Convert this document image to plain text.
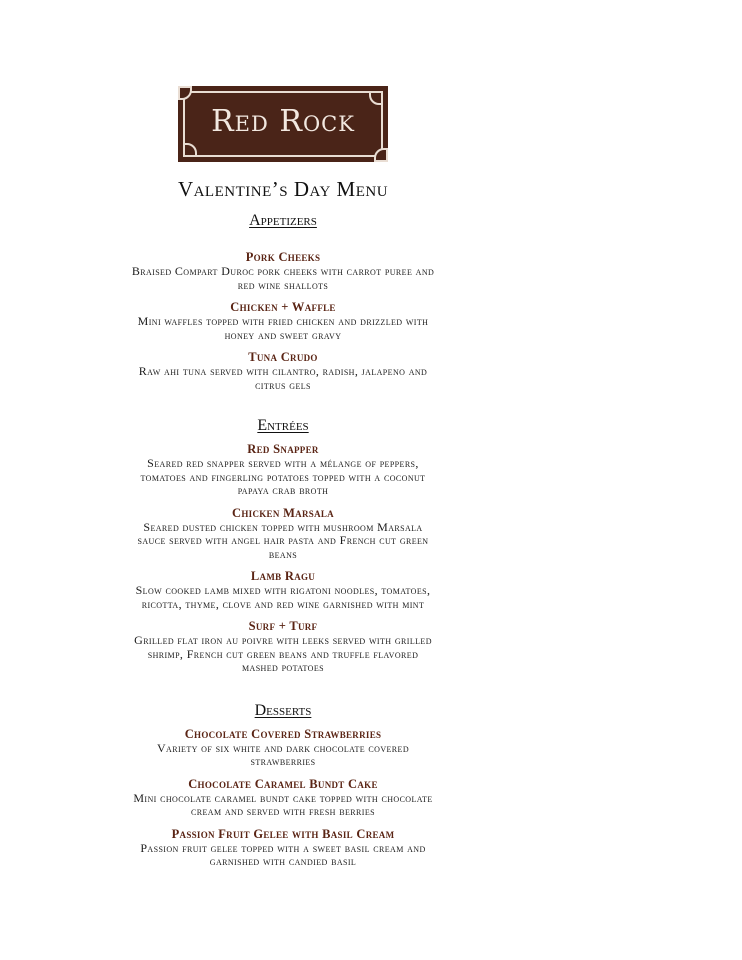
Red Rock
Valentine’s Day Menu
Appetizers

Pork Cheeks

Braised Compart Duroc pork cheeks with carrot puree and
red wine shallots

Chicken + Waffle

Mini waffles topped with fried chicken and drizzled with
honey and sweet gravy

Tuna Crudo

Raw ahi tuna served with cilantro, radish, jalapeno and
citrus gels

Entrées

Red Snapper

Seared red snapper served with a mélange of peppers,
tomatoes and fingerling potatoes topped with a coconut
papaya crab broth

Chicken Marsala

Seared dusted chicken topped with mushroom Marsala
sauce served with angel hair pasta and French cut green
beans

Lamb Ragu

Slow cooked lamb mixed with rigatoni noodles, tomatoes,
ricotta, thyme, clove and red wine garnished with mint

Surf + Turf

Grilled flat iron au poivre with leeks served with grilled
shrimp, French cut green beans and truffle flavored
mashed potatoes

Desserts

Chocolate Covered Strawberries

Variety of six white and dark chocolate covered
strawberries

Chocolate Caramel Bundt Cake

Mini chocolate caramel bundt cake topped with chocolate
cream and served with fresh berries

Passion Fruit Gelee with Basil Cream

Passion fruit gelee topped with a sweet basil cream and
garnished with candied basil
